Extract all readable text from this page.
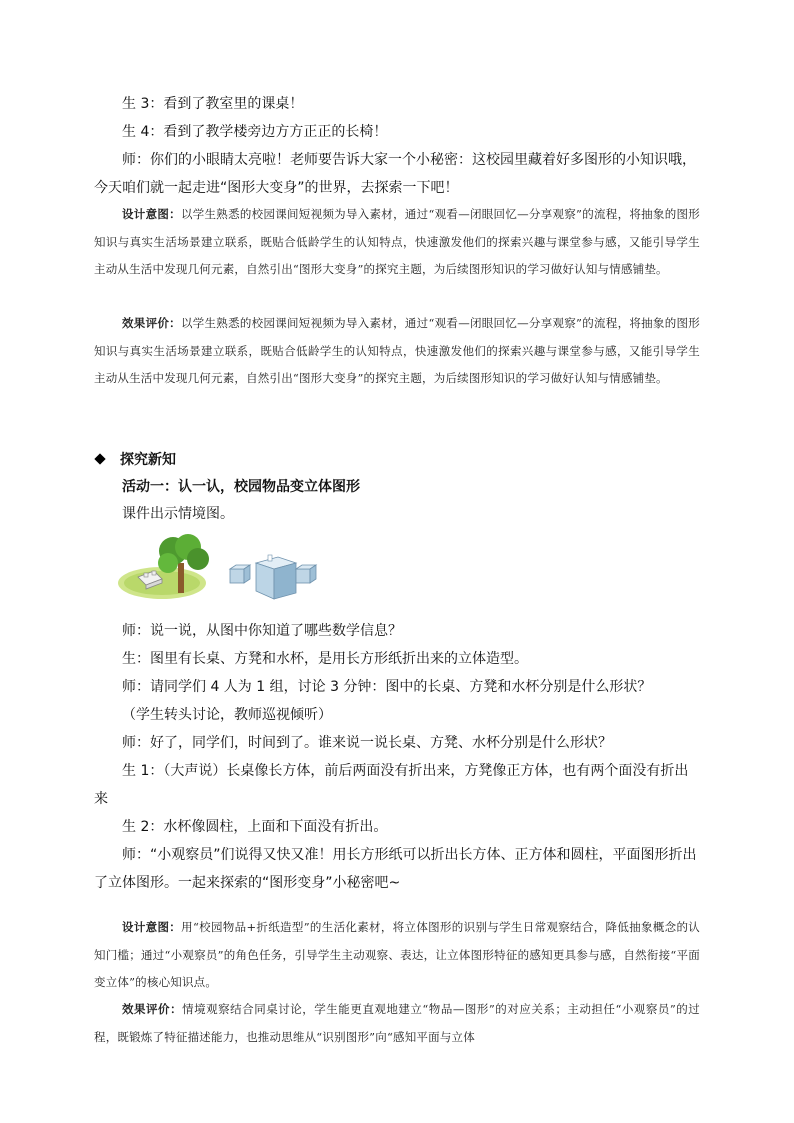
生 3：看到了教室里的课桌！
生 4：看到了教学楼旁边方方正正的长椅！
师：你们的小眼睛太亮啦！老师要告诉大家一个小秘密：这校园里藏着好多图形的小知识哦，今天咱们就一起走进“图形大变身”的世界，去探索一下吧！
设计意图：以学生熟悉的校园课间短视频为导入素材，通过“观看—闭眼回忆—分享观察”的流程，将抽象的图形知识与真实生活场景建立联系，既贴合低龄学生的认知特点，快速激发他们的探索兴趣与课堂参与感，又能引导学生主动从生活中发现几何元素，自然引出“图形大变身”的探究主题，为后续图形知识的学习做好认知与情感铺垫。
效果评价：以学生熟悉的校园课间短视频为导入素材，通过“观看—闭眼回忆—分享观察”的流程，将抽象的图形知识与真实生活场景建立联系，既贴合低龄学生的认知特点，快速激发他们的探索兴趣与课堂参与感，又能引导学生主动从生活中发现几何元素，自然引出“图形大变身”的探究主题，为后续图形知识的学习做好认知与情感铺垫。
探究新知
活动一：认一认，校园物品变立体图形
课件出示情境图。
师：说一说，从图中你知道了哪些数学信息？
生：图里有长桌、方凳和水杯，是用长方形纸折出来的立体造型。
师：请同学们 4 人为 1 组，讨论 3 分钟：图中的长桌、方凳和水杯分别是什么形状？
（学生转头讨论，教师巡视倾听）
师：好了，同学们，时间到了。谁来说一说长桌、方凳、水杯分别是什么形状？
生 1：（大声说）长桌像长方体，前后两面没有折出来，方凳像正方体，也有两个面没有折出来
生 2：水杯像圆柱，上面和下面没有折出。
师：“小观察员”们说得又快又准！用长方形纸可以折出长方体、正方体和圆柱，平面图形折出了立体图形。一起来探索的“图形变身”小秘密吧~
设计意图：用“校园物品+折纸造型”的生活化素材，将立体图形的识别与学生日常观察结合，降低抽象概念的认知门槛；通过“小观察员”的角色任务，引导学生主动观察、表达，让立体图形特征的感知更具参与感，自然衔接“平面变立体”的核心知识点。
效果评价：情境观察结合同桌讨论，学生能更直观地建立“物品—图形”的对应关系；主动担任“小观察员”的过程，既锻炼了特征描述能力，也推动思维从“识别图形”向“感知平面与立体
